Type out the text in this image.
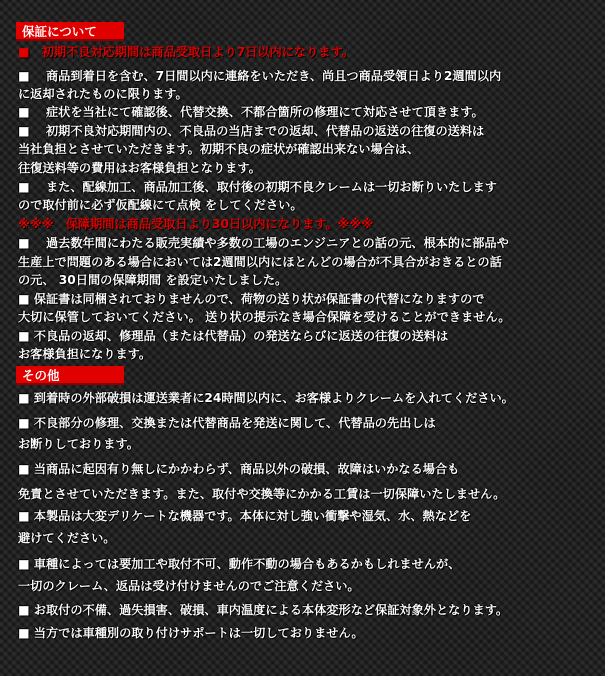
保証について
■　初期不良対応期間は商品受取日より7日以内になります。
■　 商品到着日を含む、7日間以内に連絡をいただき、尚且つ商品受領日より2週間以内
に返却されたものに限ります。
■　 症状を当社にて確認後、代替交換、不都合箇所の修理にて対応させて頂きます。
■　 初期不良対応期間内の、不良品の当店までの返却、代替品の返送の往復の送料は
当社負担とさせていただきます。初期不良の症状が確認出来ない場合は、
往復送料等の費用はお客様負担となります。
■　 また、配線加工、商品加工後、取付後の初期不良クレームは一切お断りいたします
ので取付前に必ず仮配線にて点検 をしてください。
※※※　保障期間は商品受取日より30日以内になります。※※※
■　 過去数年間にわたる販売実績や多数の工場のエンジニアとの話の元、根本的に部品や
生産上で問題のある場合においては2週間以内にほとんどの場合が不具合がおきるとの話
の元、 30日間の保障期間 を設定いたしました。
■ 保証書は同梱されておりませんので、荷物の送り状が保証書の代替になりますので
大切に保管しておいてください。 送り状の提示なき場合保障を受けることができません。
■ 不良品の返却、修理品（または代替品）の発送ならびに返送の往復の送料は
お客様負担になります。
その他
■ 到着時の外部破損は運送業者に24時間以内に、お客様よりクレームを入れてください。
■ 不良部分の修理、交換または代替商品を発送に関して、代替品の先出しは
お断りしております。
■ 当商品に起因有り無しにかかわらず、商品以外の破損、故障はいかなる場合も
免責とさせていただきます。また、取付や交換等にかかる工賃は一切保障いたしません。
■ 本製品は大変デリケートな機器です。本体に対し強い衝撃や湿気、水、熱などを
避けてください。
■ 車種によっては要加工や取付不可、動作不動の場合もあるかもしれませんが、
一切のクレーム、返品は受け付けませんのでご注意ください。
■ お取付の不備、過失損害、破損、車内温度による本体変形など保証対象外となります。
■ 当方では車種別の取り付けサポートは一切しておりません。
